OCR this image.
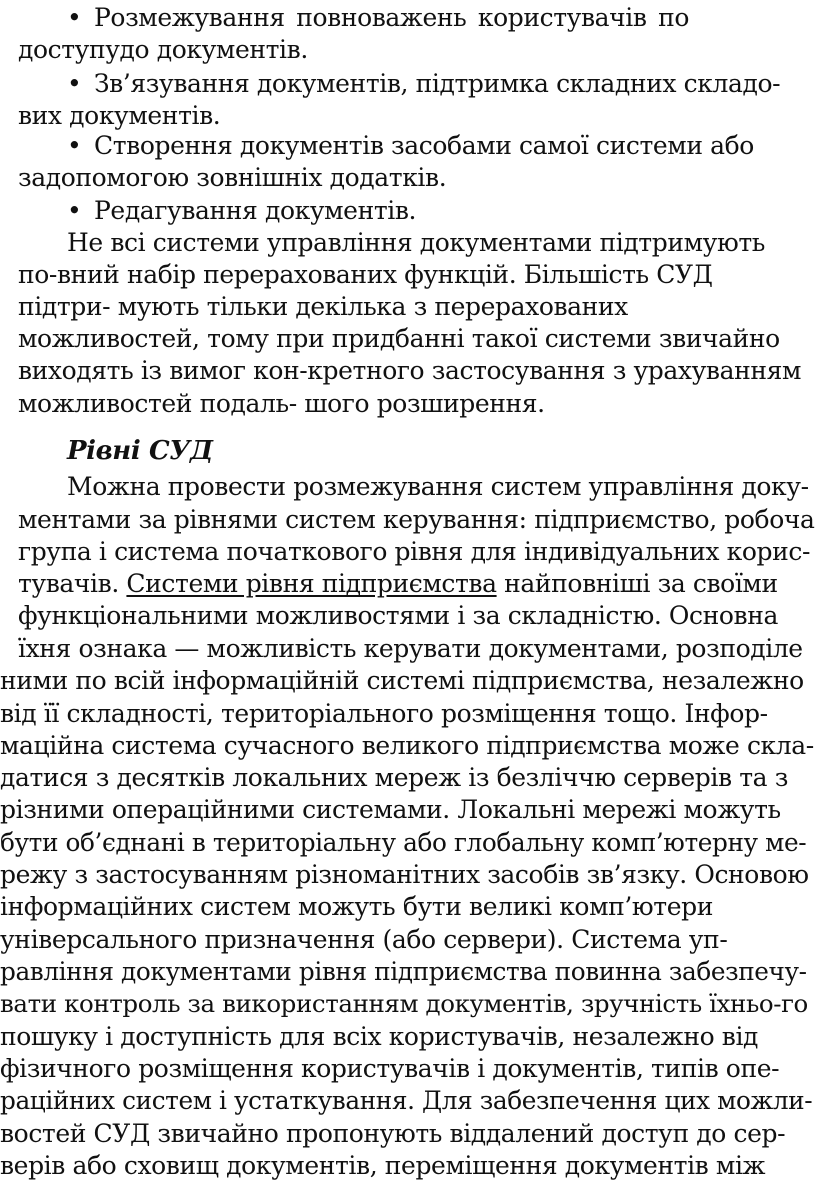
• Розмежування повноважень користувачів по
доступудо документів.
• Зв’язування документів, підтримка складних складо-
вих документів.
• Створення документів засобами самої системи або
задопомогою зовнішніх додатків.
• Редагування документів.
Не всі системи управління документами підтримують
по-вний набір перерахованих функцій. Більшість СУД
підтри- мують тільки декілька з перерахованих
можливостей, тому при придбанні такої системи звичайно
виходять із вимог кон-кретного застосування з урахуванням
можливостей подаль- шого розширення.
Рівні СУД
Можна провести розмежування систем управління доку-
ментами за рівнями систем керування: підприємство, робоча
група і система початкового рівня для індивідуальних корис-
тувачів. Системи рівня підприємства найповніші за своїми
функціональними можливостями і за складністю. Основна
їхня ознака — можливість керувати документами, розподіле
ними по всій інформаційній системі підприємства, незалежно
від її складності, територіального розміщення тощо. Інфор-
маційна система сучасного великого підприємства може скла-
датися з десятків локальних мереж із безліччю серверів та з
різними операційними системами. Локальні мережі можуть
бути об’єднані в територіальну або глобальну комп’ютерну ме-
режу з застосуванням різноманітних засобів зв’язку. Основою
інформаційних систем можуть бути великі комп’ютери
універсального призначення (або сервери). Система уп-
равління документами рівня підприємства повинна забезпечу-
вати контроль за використанням документів, зручність їхньо-го
пошуку і доступність для всіх користувачів, незалежно від
фізичного розміщення користувачів і документів, типів опе-
раційних систем і устаткування. Для забезпечення цих можли-
востей СУД звичайно пропонують віддалений доступ до сер-
верів або сховищ документів, переміщення документів між
